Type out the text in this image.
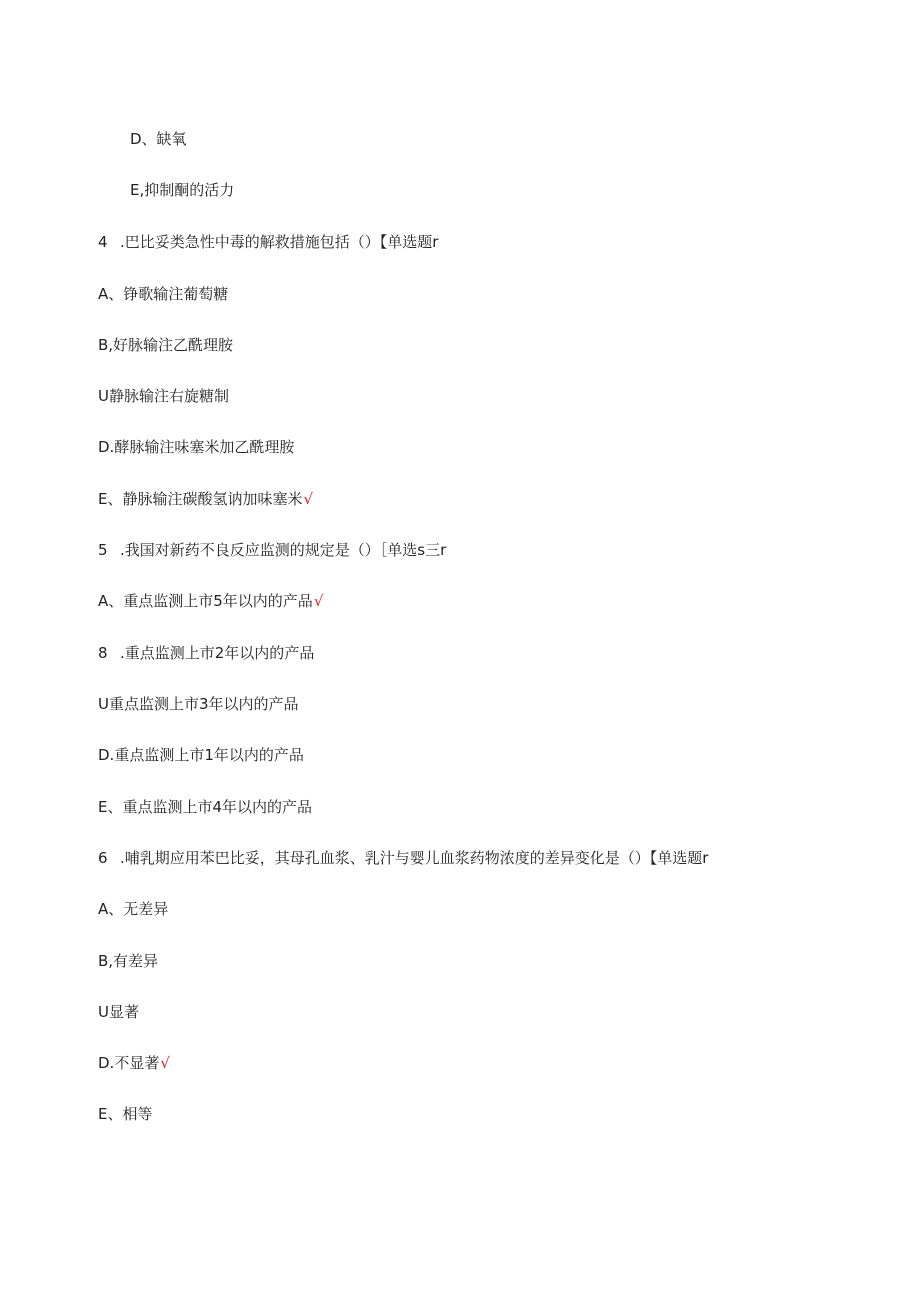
D、缺氧
E,抑制酮的活力
4 .巴比妥类急性中毒的解救措施包括（）【单选题r
A、铮歌输注葡萄糖
B,好脉输注乙酰理胺
U静脉输注右旋糖制
D.酵脉输注味塞米加乙酰理胺
E、静脉输注碳酸氢讷加味塞米√
5 .我国对新药不良反应监测的规定是（）［单选s三r
A、重点监测上市5年以内的产品√
8 .重点监测上市2年以内的产品
U重点监测上市3年以内的产品
D.重点监测上市1年以内的产品
E、重点监测上市4年以内的产品
6 .哺乳期应用苯巴比妥，其母孔血浆、乳汁与婴儿血浆药物浓度的差异变化是（）【单选题r
A、无差异
B,有差异
U显著
D.不显著√
E、相等
